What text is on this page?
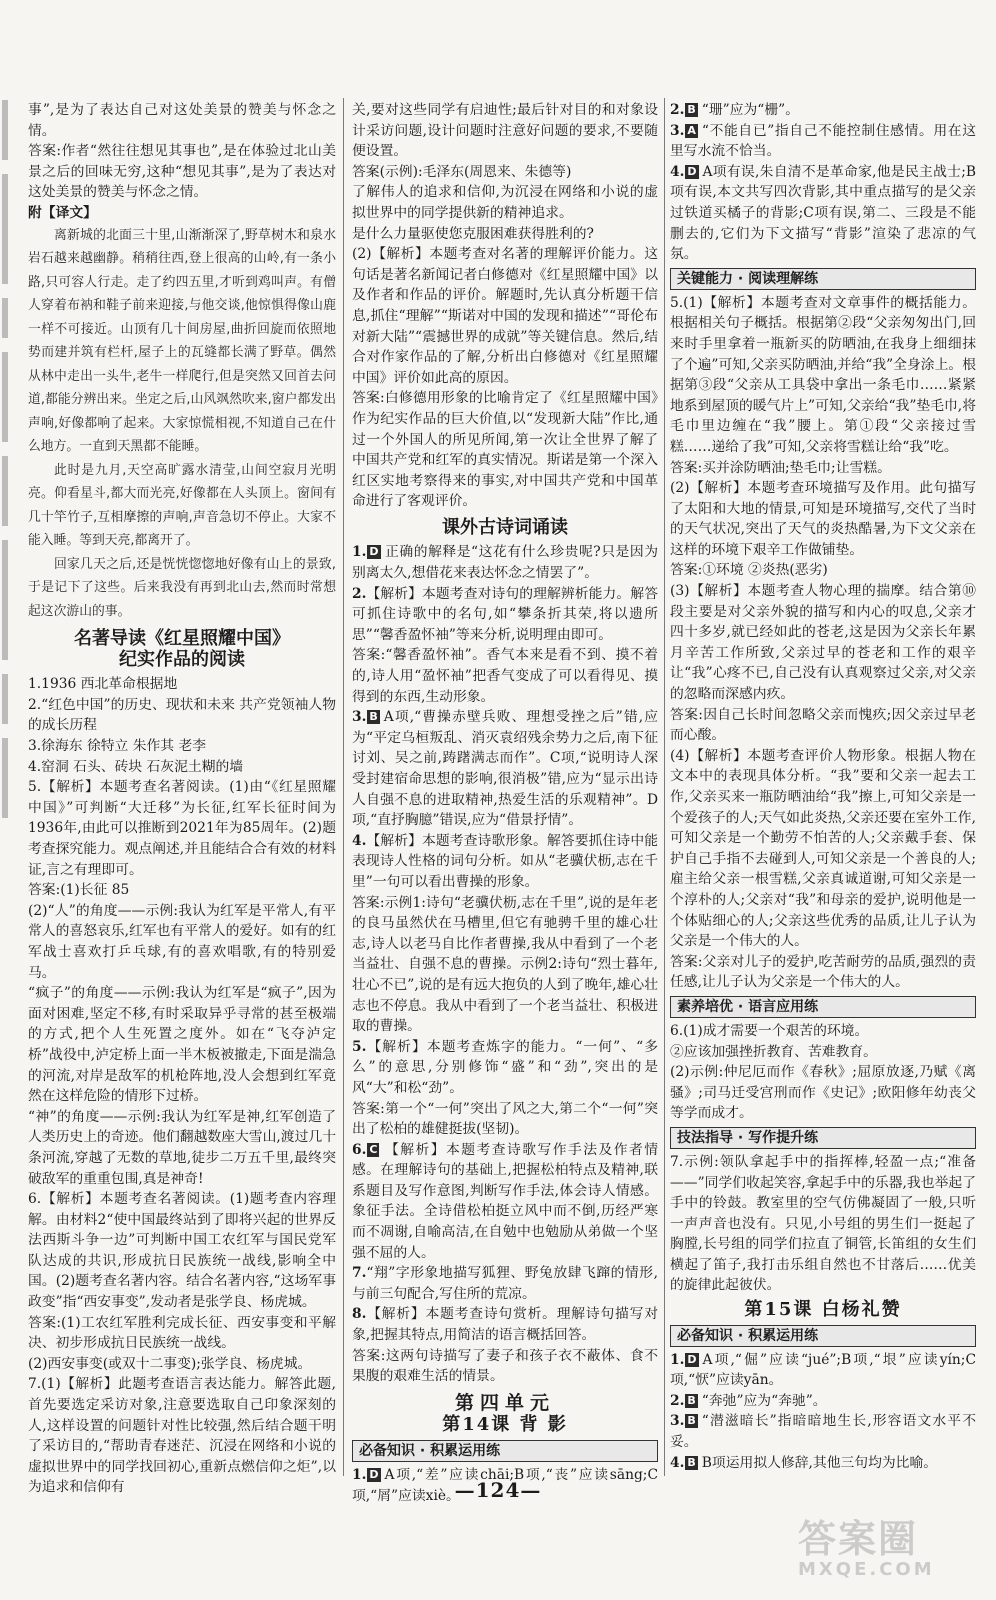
事”,是为了表达自己对这处美景的赞美与怀念之情。

答案:作者“然往往想见其事也”,是在体验过北山美景之后的回味无穷,这种“想见其事”,是为了表达对这处美景的赞美与怀念之情。

附【译文】

离新城的北面三十里,山渐渐深了,野草树木和泉水岩石越来越幽静。稍稍往西,登上很高的山岭,有一条小路,只可容人行走。走了约四五里,才听到鸡叫声。有僧人穿着布衲和鞋子前来迎接,与他交谈,他惊惧得像山鹿一样不可接近。山顶有几十间房屋,曲折回旋而依照地势而建并筑有栏杆,屋子上的瓦缝都长满了野草。偶然从林中走出一头牛,老牛一样爬行,但是突然又回首去问道,都能分辨出来。坐定之后,山风飒然吹来,窗户都发出声响,好像都响了起来。大家惊慌相视,不知道自己在什么地方。一直到天黑都不能睡。

此时是九月,天空高旷露水清莹,山间空寂月光明亮。仰看星斗,都大而光亮,好像都在人头顶上。窗间有几十竿竹子,互相摩擦的声响,声音急切不停止。大家不能入睡。等到天亮,都离开了。

回家几天之后,还是恍恍惚惚地好像有山上的景致,于是记下了这些。后来我没有再到北山去,然而时常想起这次游山的事。

名著导读《红星照耀中国》
纪实作品的阅读

1.1936 西北革命根据地

2.“红色中国”的历史、现状和未来 共产党领袖人物的成长历程

3.徐海东 徐特立 朱作其 老李

4.窑洞 石头、砖块 石灰泥土糊的墙

5.【解析】本题考查名著阅读。(1)由“《红星照耀中国》”可判断“大迁移”为长征,红军长征时间为1936年,由此可以推断到2021年为85周年。(2)题考查探究能力。观点阐述,并且能结合合有效的材料证,言之有理即可。

答案:(1)长征 85

(2)“人”的角度——示例:我认为红军是平常人,有平常人的喜怒哀乐,红军也有平常人的爱好。如有的红军战士喜欢打乒乓球,有的喜欢唱歌,有的特别爱马。

“疯子”的角度——示例:我认为红军是“疯子”,因为面对困难,坚定不移,有时采取异乎寻常的甚至极端的方式,把个人生死置之度外。如在“飞夺泸定桥”战役中,泸定桥上面一半木板被撤走,下面是湍急的河流,对岸是敌军的机枪阵地,没人会想到红军竟然在这样危险的情形下过桥。

“神”的角度——示例:我认为红军是神,红军创造了人类历史上的奇迹。他们翻越数座大雪山,渡过几十条河流,穿越了无数的草地,徒步二万五千里,最终突破敌军的重重包围,真是神奇!

6.【解析】本题考查名著阅读。(1)题考查内容理解。由材料2“使中国最终站到了即将兴起的世界反法西斯斗争一边”可判断中国工农红军与国民党军队达成的共识,形成抗日民族统一战线,影响全中国。(2)题考查名著内容。结合名著内容,“这场军事政变”指“西安事变”,发动者是张学良、杨虎城。

答案:(1)工农红军胜利完成长征、西安事变和平解决、初步形成抗日民族统一战线。

(2)西安事变(或双十二事变);张学良、杨虎城。

7.(1)【解析】此题考查语言表达能力。解答此题,首先要选定采访对象,注意要选取自己印象深刻的人,这样设置的问题针对性比较强,然后结合题干明了采访目的,“帮助青春迷茫、沉浸在网络和小说的虚拟世界中的同学找回初心,重新点燃信仰之炬”,以为追求和信仰有

关,要对这些同学有启迪性;最后针对目的和对象设计采访问题,设计问题时注意好问题的要求,不要随便设置。

答案(示例):毛泽东(周恩来、朱德等)

了解伟人的追求和信仰,为沉浸在网络和小说的虚拟世界中的同学提供新的精神追求。

是什么力量驱使您克服困难获得胜利的?

(2)【解析】本题考查对名著的理解评价能力。这句话是著名新闻记者白修德对《红星照耀中国》以及作者和作品的评价。解题时,先认真分析题干信息,抓住“理解”“斯诺对中国的发现和描述”“哥伦布对新大陆”“震撼世界的成就”等关键信息。然后,结合对作家作品的了解,分析出白修德对《红星照耀中国》评价如此高的原因。

答案:白修德用形象的比喻肯定了《红星照耀中国》作为纪实作品的巨大价值,以“发现新大陆”作比,通过一个外国人的所见所闻,第一次让全世界了解了中国共产党和红军的真实情况。斯诺是第一个深入红区实地考察得来的事实,对中国共产党和中国革命进行了客观评价。

课外古诗词诵读

1. D 正确的解释是“这花有什么珍贵呢?只是因为别离太久,想借花来表达怀念之情罢了”。

2.【解析】本题考查对诗句的理解辨析能力。解答可抓住诗歌中的名句,如“攀条折其荣,将以遗所思”“馨香盈怀袖”等来分析,说明理由即可。

答案:“馨香盈怀袖”。香气本来是看不到、摸不着的,诗人用“盈怀袖”把香气变成了可以看得见、摸得到的东西,生动形象。

3. B A项,“曹操赤壁兵败、理想受挫之后”错,应为“平定乌桓叛乱、消灭袁绍残余势力之后,南下征讨刘、吴之前,踌躇满志而作”。C项,“说明诗人深受封建宿命思想的影响,很消极”错,应为“显示出诗人自强不息的进取精神,热爱生活的乐观精神”。D项,“直抒胸臆”错误,应为“借景抒情”。

4.【解析】本题考查诗歌形象。解答要抓住诗中能表现诗人性格的词句分析。如从“老骥伏枥,志在千里”一句可以看出曹操的形象。

答案:示例1:诗句“老骥伏枥,志在千里”,说的是年老的良马虽然伏在马槽里,但它有驰骋千里的雄心壮志,诗人以老马自比作者曹操,我从中看到了一个老当益壮、自强不息的曹操。示例2:诗句“烈士暮年,壮心不已”,说的是有远大抱负的人到了晚年,雄心壮志也不停息。我从中看到了一个老当益壮、积极进取的曹操。

5.【解析】本题考查炼字的能力。“一何”、“多么”的意思,分别修饰“盛”和“劲”,突出的是风“大”和松“劲”。

答案:第一个“一何”突出了风之大,第二个“一何”突出了松柏的雄健挺拔(坚韧)。

6. C 【解析】本题考查诗歌写作手法及作者情感。在理解诗句的基础上,把握松柏特点及精神,联系题目及写作意图,判断写作手法,体会诗人情感。象征手法。全诗借松柏挺立风中而不倒,历经严寒而不凋谢,自喻高洁,在自勉中也勉励从弟做一个坚强不屈的人。

7.“翔”字形象地描写狐狸、野兔放肆飞蹿的情形,与前三句配合,写住所的荒凉。

8.【解析】本题考查诗句赏析。理解诗句描写对象,把握其特点,用简洁的语言概括回答。

答案:这两句诗描写了妻子和孩子衣不蔽体、食不果腹的艰难生活的情景。

第四单元
第14课 背 影
必备知识 · 积累运用练

1. D A项,“差”应读chāi;B项,“丧”应读sāng;C项,“屑”应读xiè。

2. B “珊”应为“栅”。

3. A “不能自已”指自己不能控制住感情。用在这里写水流不恰当。

4. D A项有误,朱自清不是革命家,他是民主战士;B项有误,本文共写四次背影,其中重点描写的是父亲过铁道买橘子的背影;C项有误,第二、三段是不能删去的,它们为下文描写“背影”渲染了悲凉的气氛。

关键能力 · 阅读理解练

5.(1)【解析】本题考查对文章事件的概括能力。根据相关句子概括。根据第②段“父亲匆匆出门,回来时手里拿着一瓶新买的防晒油,在我身上细细抹了个遍”可知,父亲买防晒油,并给“我”全身涂上。根据第③段“父亲从工具袋中拿出一条毛巾……紧紧地系到屋顶的暖气片上”可知,父亲给“我”垫毛巾,将毛巾里边缠在“我”腰上。第①段“父亲接过雪糕……递给了我”可知,父亲将雪糕让给“我”吃。

答案:买并涂防晒油;垫毛巾;让雪糕。

(2)【解析】本题考查环境描写及作用。此句描写了太阳和大地的情景,可知是环境描写,交代了当时的天气状况,突出了天气的炎热酷暑,为下文父亲在这样的环境下艰辛工作做铺垫。

答案:①环境 ②炎热(恶劣)

(3)【解析】本题考查人物心理的揣摩。结合第⑩段主要是对父亲外貌的描写和内心的叹息,父亲才四十多岁,就已经如此的苍老,这是因为父亲长年累月辛苦工作所致,父亲过早的苍老和工作的艰辛让“我”心疼不已,自己没有认真观察过父亲,对父亲的忽略而深感内疚。

答案:因自己长时间忽略父亲而愧疚;因父亲过早老而心酸。

(4)【解析】本题考查评价人物形象。根据人物在文本中的表现具体分析。“我”要和父亲一起去工作,父亲买来一瓶防晒油给“我”擦上,可知父亲是一个爱孩子的人;天气如此炎热,父亲还要在室外工作,可知父亲是一个勤劳不怕苦的人;父亲戴手套、保护自己手指不去碰到人,可知父亲是一个善良的人;雇主给父亲一根雪糕,父亲真诚道谢,可知父亲是一个淳朴的人;父亲对“我”和母亲的爱护,说明他是一个体贴细心的人;父亲这些优秀的品质,让儿子认为父亲是一个伟大的人。

答案:父亲对儿子的爱护,吃苦耐劳的品质,强烈的责任感,让儿子认为父亲是一个伟大的人。

素养培优 · 语言应用练

6.(1)成才需要一个艰苦的环境。

②应该加强挫折教育、苦难教育。

(2)示例:仲尼厄而作《春秋》;屈原放逐,乃赋《离骚》;司马迁受宫刑而作《史记》;欧阳修年幼丧父等学而成才。

技法指导 · 写作提升练

7.示例:领队拿起手中的指挥棒,轻盈一点;“准备——”同学们收起笑容,拿起手中的乐器,我也举起了手中的铃鼓。教室里的空气仿佛凝固了一般,只听一声声音也没有。只见,小号组的男生们一挺起了胸膛,长号组的同学们拉直了铜管,长笛组的女生们横起了笛子,我打击乐组自然也不甘落后……优美的旋律此起彼伏。

第15课 白杨礼赞
必备知识 · 积累运用练

1. D A项,“倔”应读“jué”;B项,“垠”应读yín;C项,“恹”应读yān。

2. B “奔弛”应为“奔驰”。

3. B “潜滋暗长”指暗暗地生长,形容语文水平不妥。

4. B B项运用拟人修辞,其他三句均为比喻。

—124—
答案圈
MXQE.COM
